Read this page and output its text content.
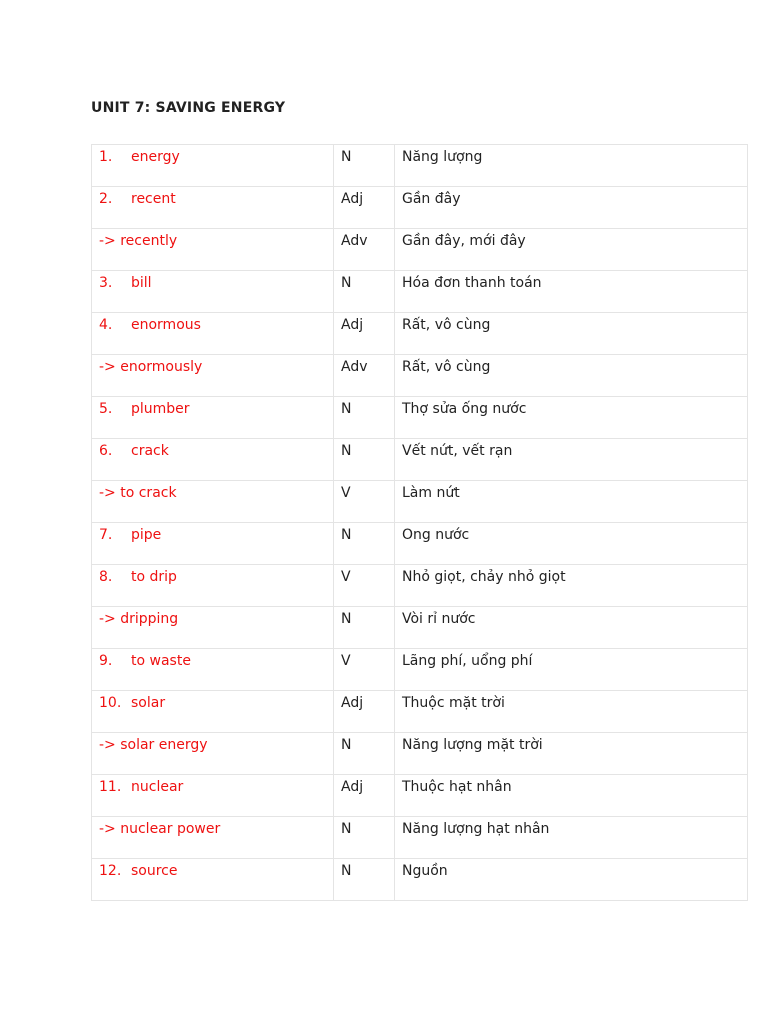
UNIT 7: SAVING ENERGY
1. energy	N	Năng lượng
2. recent	Adj	Gần đây
-> recently	Adv	Gần đây, mới đây
3. bill	N	Hóa đơn thanh toán
4. enormous	Adj	Rất, vô cùng
-> enormously	Adv	Rất, vô cùng
5. plumber	N	Thợ sửa ống nước
6. crack	N	Vết nứt, vết rạn
-> to crack	V	Làm nứt
7. pipe	N	Ong nước
8. to drip	V	Nhỏ giọt, chảy nhỏ giọt
-> dripping	N	Vòi rỉ nước
9. to waste	V	Lãng phí, uổng phí
10. solar	Adj	Thuộc mặt trời
-> solar energy	N	Năng lượng mặt trời
11. nuclear	Adj	Thuộc hạt nhân
-> nuclear power	N	Năng lượng hạt nhân
12. source	N	Nguồn
